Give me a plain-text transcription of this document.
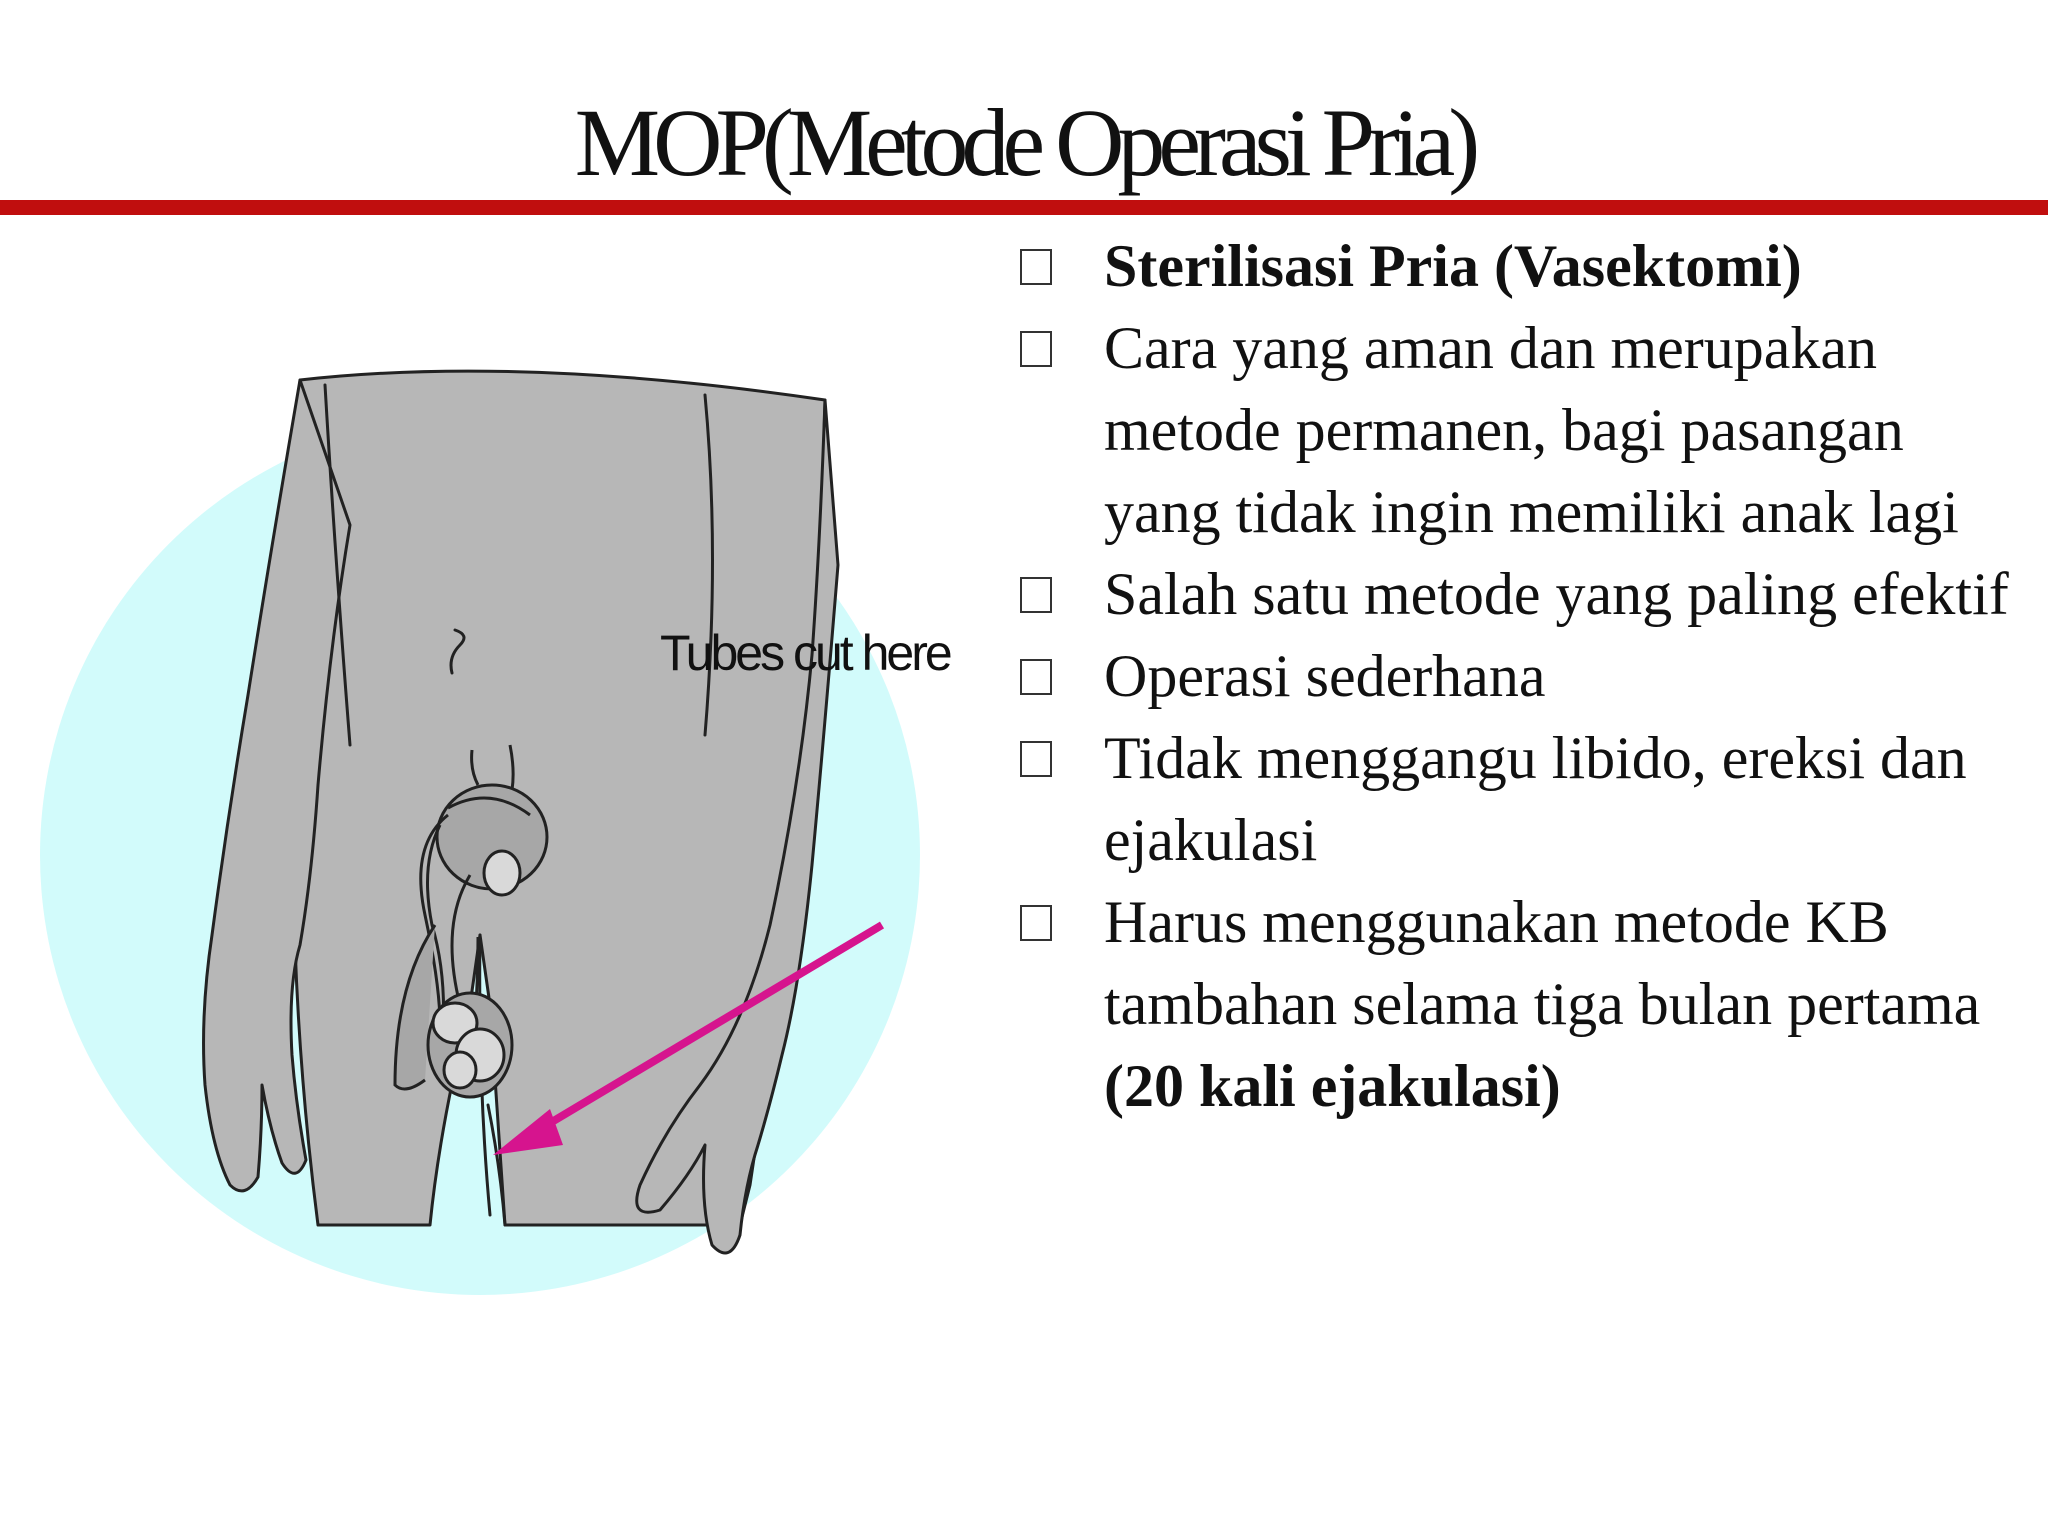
MOP(Metode Operasi Pria)
Tubes cut here
Sterilisasi Pria (Vasektomi)
Cara yang aman dan merupakan metode permanen, bagi pasangan yang tidak ingin memiliki anak lagi
Salah satu metode yang paling efektif
Operasi sederhana
Tidak menggangu libido, ereksi dan ejakulasi
Harus menggunakan metode KB tambahan selama tiga bulan pertama (20 kali ejakulasi)
